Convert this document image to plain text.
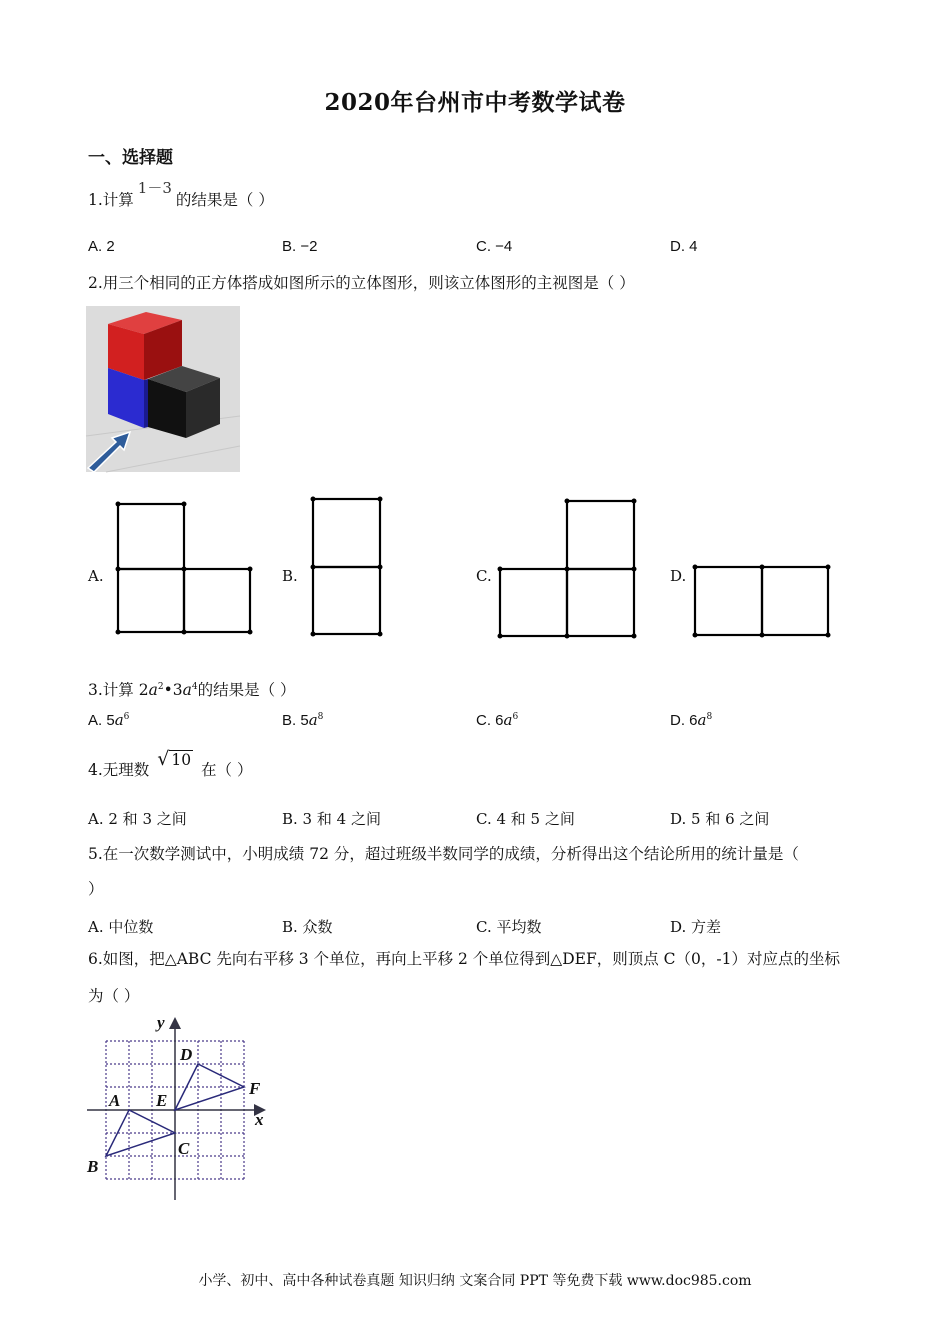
2020年台州市中考数学试卷
一、选择题
1.计算1－3的结果是（ ）
A. 2	B. −2	C. −4	D. 4
2.用三个相同的正方体搭成如图所示的立体图形，则该立体图形的主视图是（ ）
A.	B.	C.	D.
3.计算 $2a^2•3a^4$的结果是（ ）
A. $5a^6$	B. $5a^8$	C. $6a^6$	D. $6a^8$
4.无理数 √ 10 在（ ）
A. 2 和 3 之间	B. 3 和 4 之间	C. 4 和 5 之间	D. 5 和 6 之间
5.在一次数学测试中，小明成绩 72 分，超过班级半数同学的成绩，分析得出这个结论所用的统计量是（
）
A. 中位数	B. 众数	C. 平均数	D. 方差
6.如图，把△ABC 先向右平移 3 个单位，再向上平移 2 个单位得到△DEF，则顶点 C（0，-1）对应点的坐标
为（ ）
y
x
D
F
A E
B
C
小学、初中、高中各种试卷真题 知识归纳 文案合同 PPT 等免费下载 www.doc985.com
